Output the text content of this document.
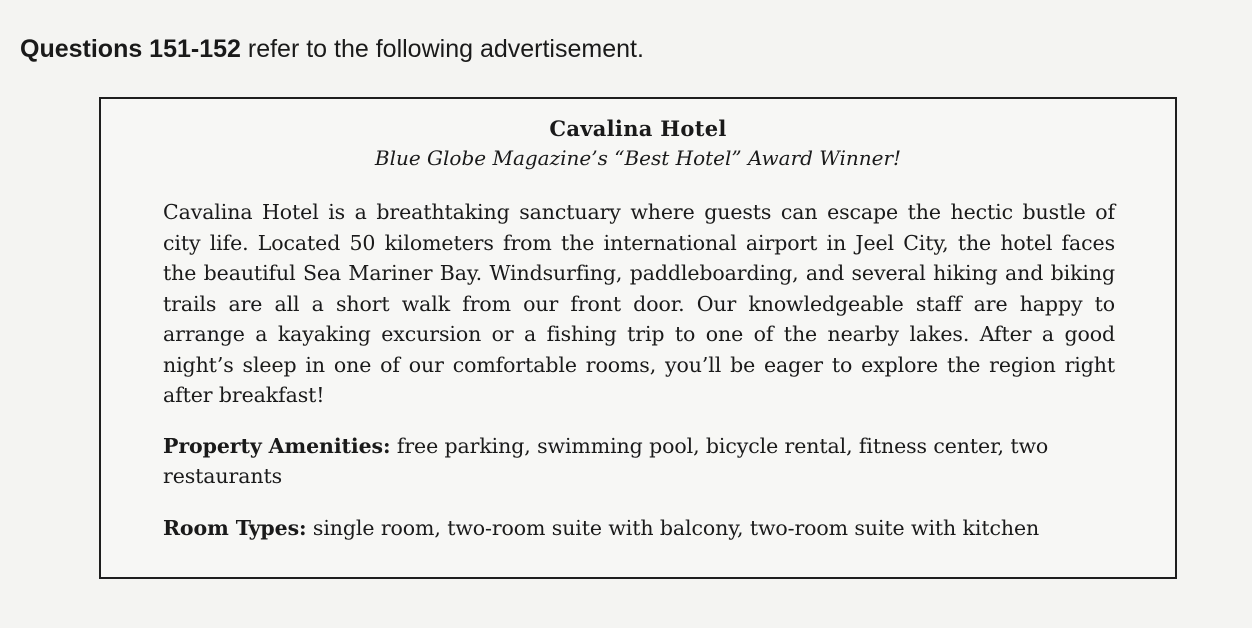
Questions 151-152 refer to the following advertisement.
Cavalina Hotel
Blue Globe Magazine’s “Best Hotel” Award Winner!
Cavalina Hotel is a breathtaking sanctuary where guests can escape the hectic bustle of city life. Located 50 kilometers from the international airport in Jeel City, the hotel faces the beautiful Sea Mariner Bay. Windsurfing, paddleboarding, and several hiking and biking trails are all a short walk from our front door. Our knowledgeable staff are happy to arrange a kayaking excursion or a fishing trip to one of the nearby lakes. After a good night’s sleep in one of our comfortable rooms, you’ll be eager to explore the region right after breakfast!
Property Amenities: free parking, swimming pool, bicycle rental, fitness center, two restaurants
Room Types: single room, two-room suite with balcony, two-room suite with kitchen
